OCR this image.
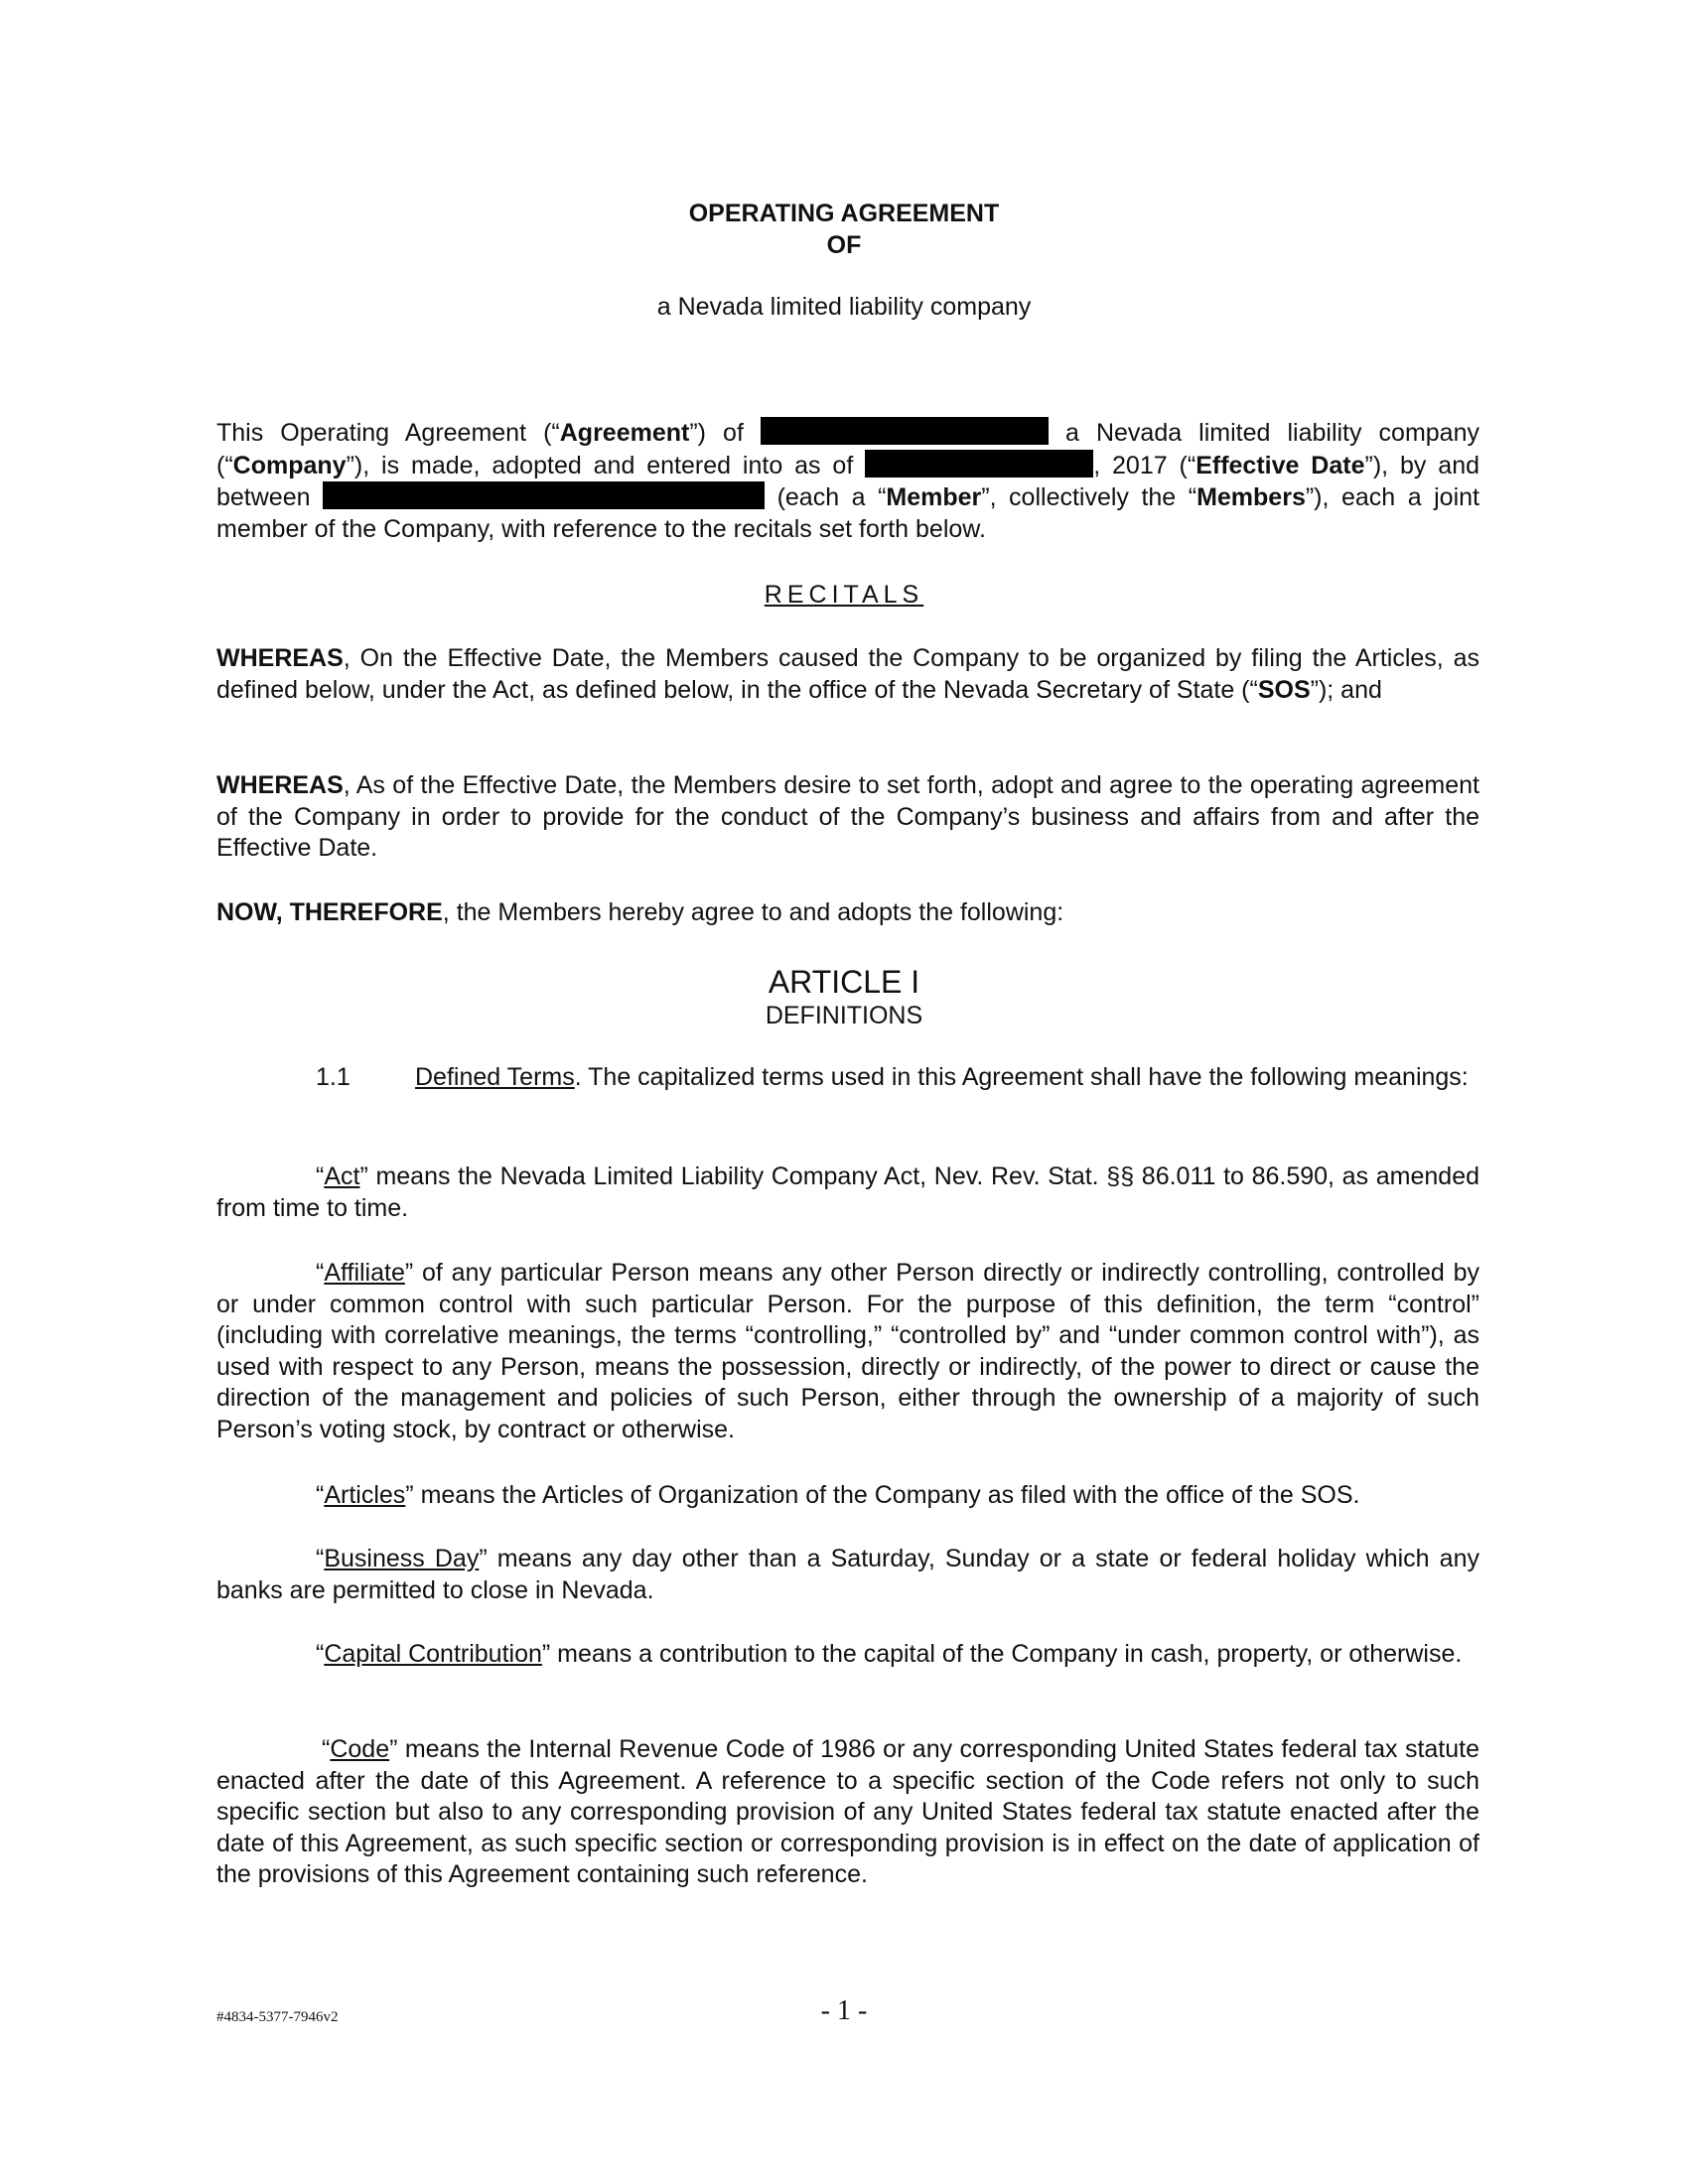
OPERATING AGREEMENT
OF
a Nevada limited liability company

This Operating Agreement (“Agreement”) of	a Nevada limited liability company (“Company”), is made, adopted and entered into as of	, 2017 (“Effective Date”), by and between	(each a “Member”, collectively the “Members”), each a joint member of the Company, with reference to the recitals set forth below.

RECITALS

WHEREAS, On the Effective Date, the Members caused the Company to be organized by filing the Articles, as defined below, under the Act, as defined below, in the office of the Nevada Secretary of State (“SOS”); and

WHEREAS, As of the Effective Date, the Members desire to set forth, adopt and agree to the operating agreement of the Company in order to provide for the conduct of the Company’s business and affairs from and after the Effective Date.

NOW, THEREFORE, the Members hereby agree to and adopts the following:

ARTICLE I
DEFINITIONS

1.1	Defined Terms. The capitalized terms used in this Agreement shall have the following meanings:

“Act” means the Nevada Limited Liability Company Act, Nev. Rev. Stat. §§ 86.011 to 86.590, as amended from time to time.

“Affiliate” of any particular Person means any other Person directly or indirectly controlling, controlled by or under common control with such particular Person. For the purpose of this definition, the term “control” (including with correlative meanings, the terms “controlling,” “controlled by” and “under common control with”), as used with respect to any Person, means the possession, directly or indirectly, of the power to direct or cause the direction of the management and policies of such Person, either through the ownership of a majority of such Person’s voting stock, by contract or otherwise.

“Articles” means the Articles of Organization of the Company as filed with the office of the SOS.

“Business Day” means any day other than a Saturday, Sunday or a state or federal holiday which any banks are permitted to close in Nevada.

“Capital Contribution” means a contribution to the capital of the Company in cash, property, or otherwise.

“Code” means the Internal Revenue Code of 1986 or any corresponding United States federal tax statute enacted after the date of this Agreement. A reference to a specific section of the Code refers not only to such specific section but also to any corresponding provision of any United States federal tax statute enacted after the date of this Agreement, as such specific section or corresponding provision is in effect on the date of application of the provisions of this Agreement containing such reference.

#4834-5377-7946v2	- 1 -
